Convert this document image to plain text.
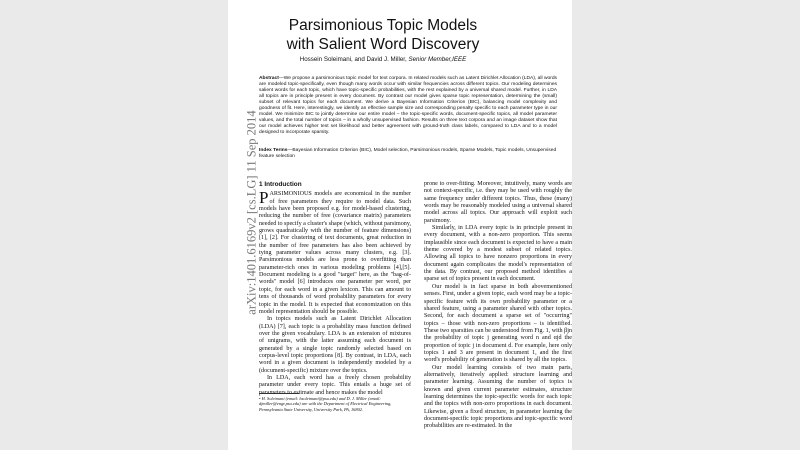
arXiv:1401.6169v2 [cs.LG] 11 Sep 2014
Parsimonious Topic Models
with Salient Word Discovery
Hossein Soleimani, and David J. Miller, Senior Member,IEEE
Abstract—We propose a parsimonious topic model for text corpora. In related models such as Latent Dirichlet Allocation (LDA), all words are modeled topic-specifically, even though many words occur with similar frequencies across different topics. Our modeling determines salient words for each topic, which have topic-specific probabilities, with the rest explained by a universal shared model. Further, in LDA all topics are in principle present in every document. By contrast our model gives sparse topic representation, determining the (small) subset of relevant topics for each document. We derive a Bayesian Information Criterion (BIC), balancing model complexity and goodness of fit. Here, interestingly, we identify an effective sample size and corresponding penalty specific to each parameter type in our model. We minimize BIC to jointly determine our entire model – the topic-specific words, document-specific topics, all model parameter values, and the total number of topics – in a wholly unsupervised fashion. Results on three text corpora and an image dataset show that our model achieves higher test set likelihood and better agreement with ground-truth class labels, compared to LDA and to a model designed to incorporate sparsity.
Index Terms—Bayesian Information Criterion (BIC), Model selection, Parsimonious models, Sparse Models, Topic models, Unsupervised feature selection
1 Introduction

PARSIMONIOUS models are economical in the number of free parameters they require to model data. Such models have been proposed e.g. for model-based clustering, reducing the number of free (covariance matrix) parameters needed to specify a cluster's shape (which, without parsimony, grows quadratically with the number of feature dimensions) [1], [2]. For clustering of text documents, great reduction in the number of free parameters has also been achieved by tying parameter values across many clusters, e.g. [3]. Parsimonious models are less prone to overfitting than parameter-rich ones in various modeling problems [4],[5]. Document modeling is a good "target" here, as the "bag-of-words" model [6] introduces one parameter per word, per topic, for each word in a given lexicon. This can amount to tens of thousands of word probability parameters for every topic in the model. It is expected that economization on this model representation should be possible.

In topics models such as Latent Dirichlet Allocation (LDA) [7], each topic is a probability mass function defined over the given vocabulary. LDA is an extension of mixtures of unigrams, with the latter assuming each document is generated by a single topic randomly selected based on corpus-level topic proportions [8]. By contrast, in LDA, each word in a given document is independently modeled by a (document-specific) mixture over the topics.

In LDA, each word has a freely chosen probability parameter under every topic. This entails a huge set of parameters to estimate and hence makes the model

• H. Soleimani (email: hsoleimani@psu.edu) and D. J. Miller (email: djmiller@engr.psu.edu) are with the Department of Electrical Engineering, Pennsylvania State University, University Park, PA, 16802.

prone to over-fitting. Moreover, intuitively, many words are not context-specific, i.e. they may be used with roughly the same frequency under different topics. Thus, these (many) words may be reasonably modeled using a universal shared model across all topics. Our approach will exploit such parsimony.

Similarly, in LDA every topic is in principle present in every document, with a non-zero proportion. This seems implausible since each document is expected to have a main theme covered by a modest subset of related topics. Allowing all topics to have nonzero proportions in every document again complicates the model's representation of the data. By contrast, our proposed method identifies a sparse set of topics present in each document.

Our model is in fact sparse in both abovementioned senses. First, under a given topic, each word may be a topic-specific feature with its own probability parameter or a shared feature, using a parameter shared with other topics. Second, for each document a sparse set of "occurring" topics – those with non-zero proportions – is identified. These two sparsities can be understood from Fig. 1, with βjn the probability of topic j generating word n and αjd the proportion of topic j in document d. For example, here only topics 1 and 3 are present in document 1, and the first word's probability of generation is shared by all the topics.

Our model learning consists of two main parts, alternatively, iteratively applied: structure learning and parameter learning. Assuming the number of topics is known and given current parameter estimates, structure learning determines the topic-specific words for each topic and the topics with non-zero proportions in each document. Likewise, given a fixed structure, in parameter learning the document-specific topic proportions and topic-specific word probabilities are re-estimated. In the
